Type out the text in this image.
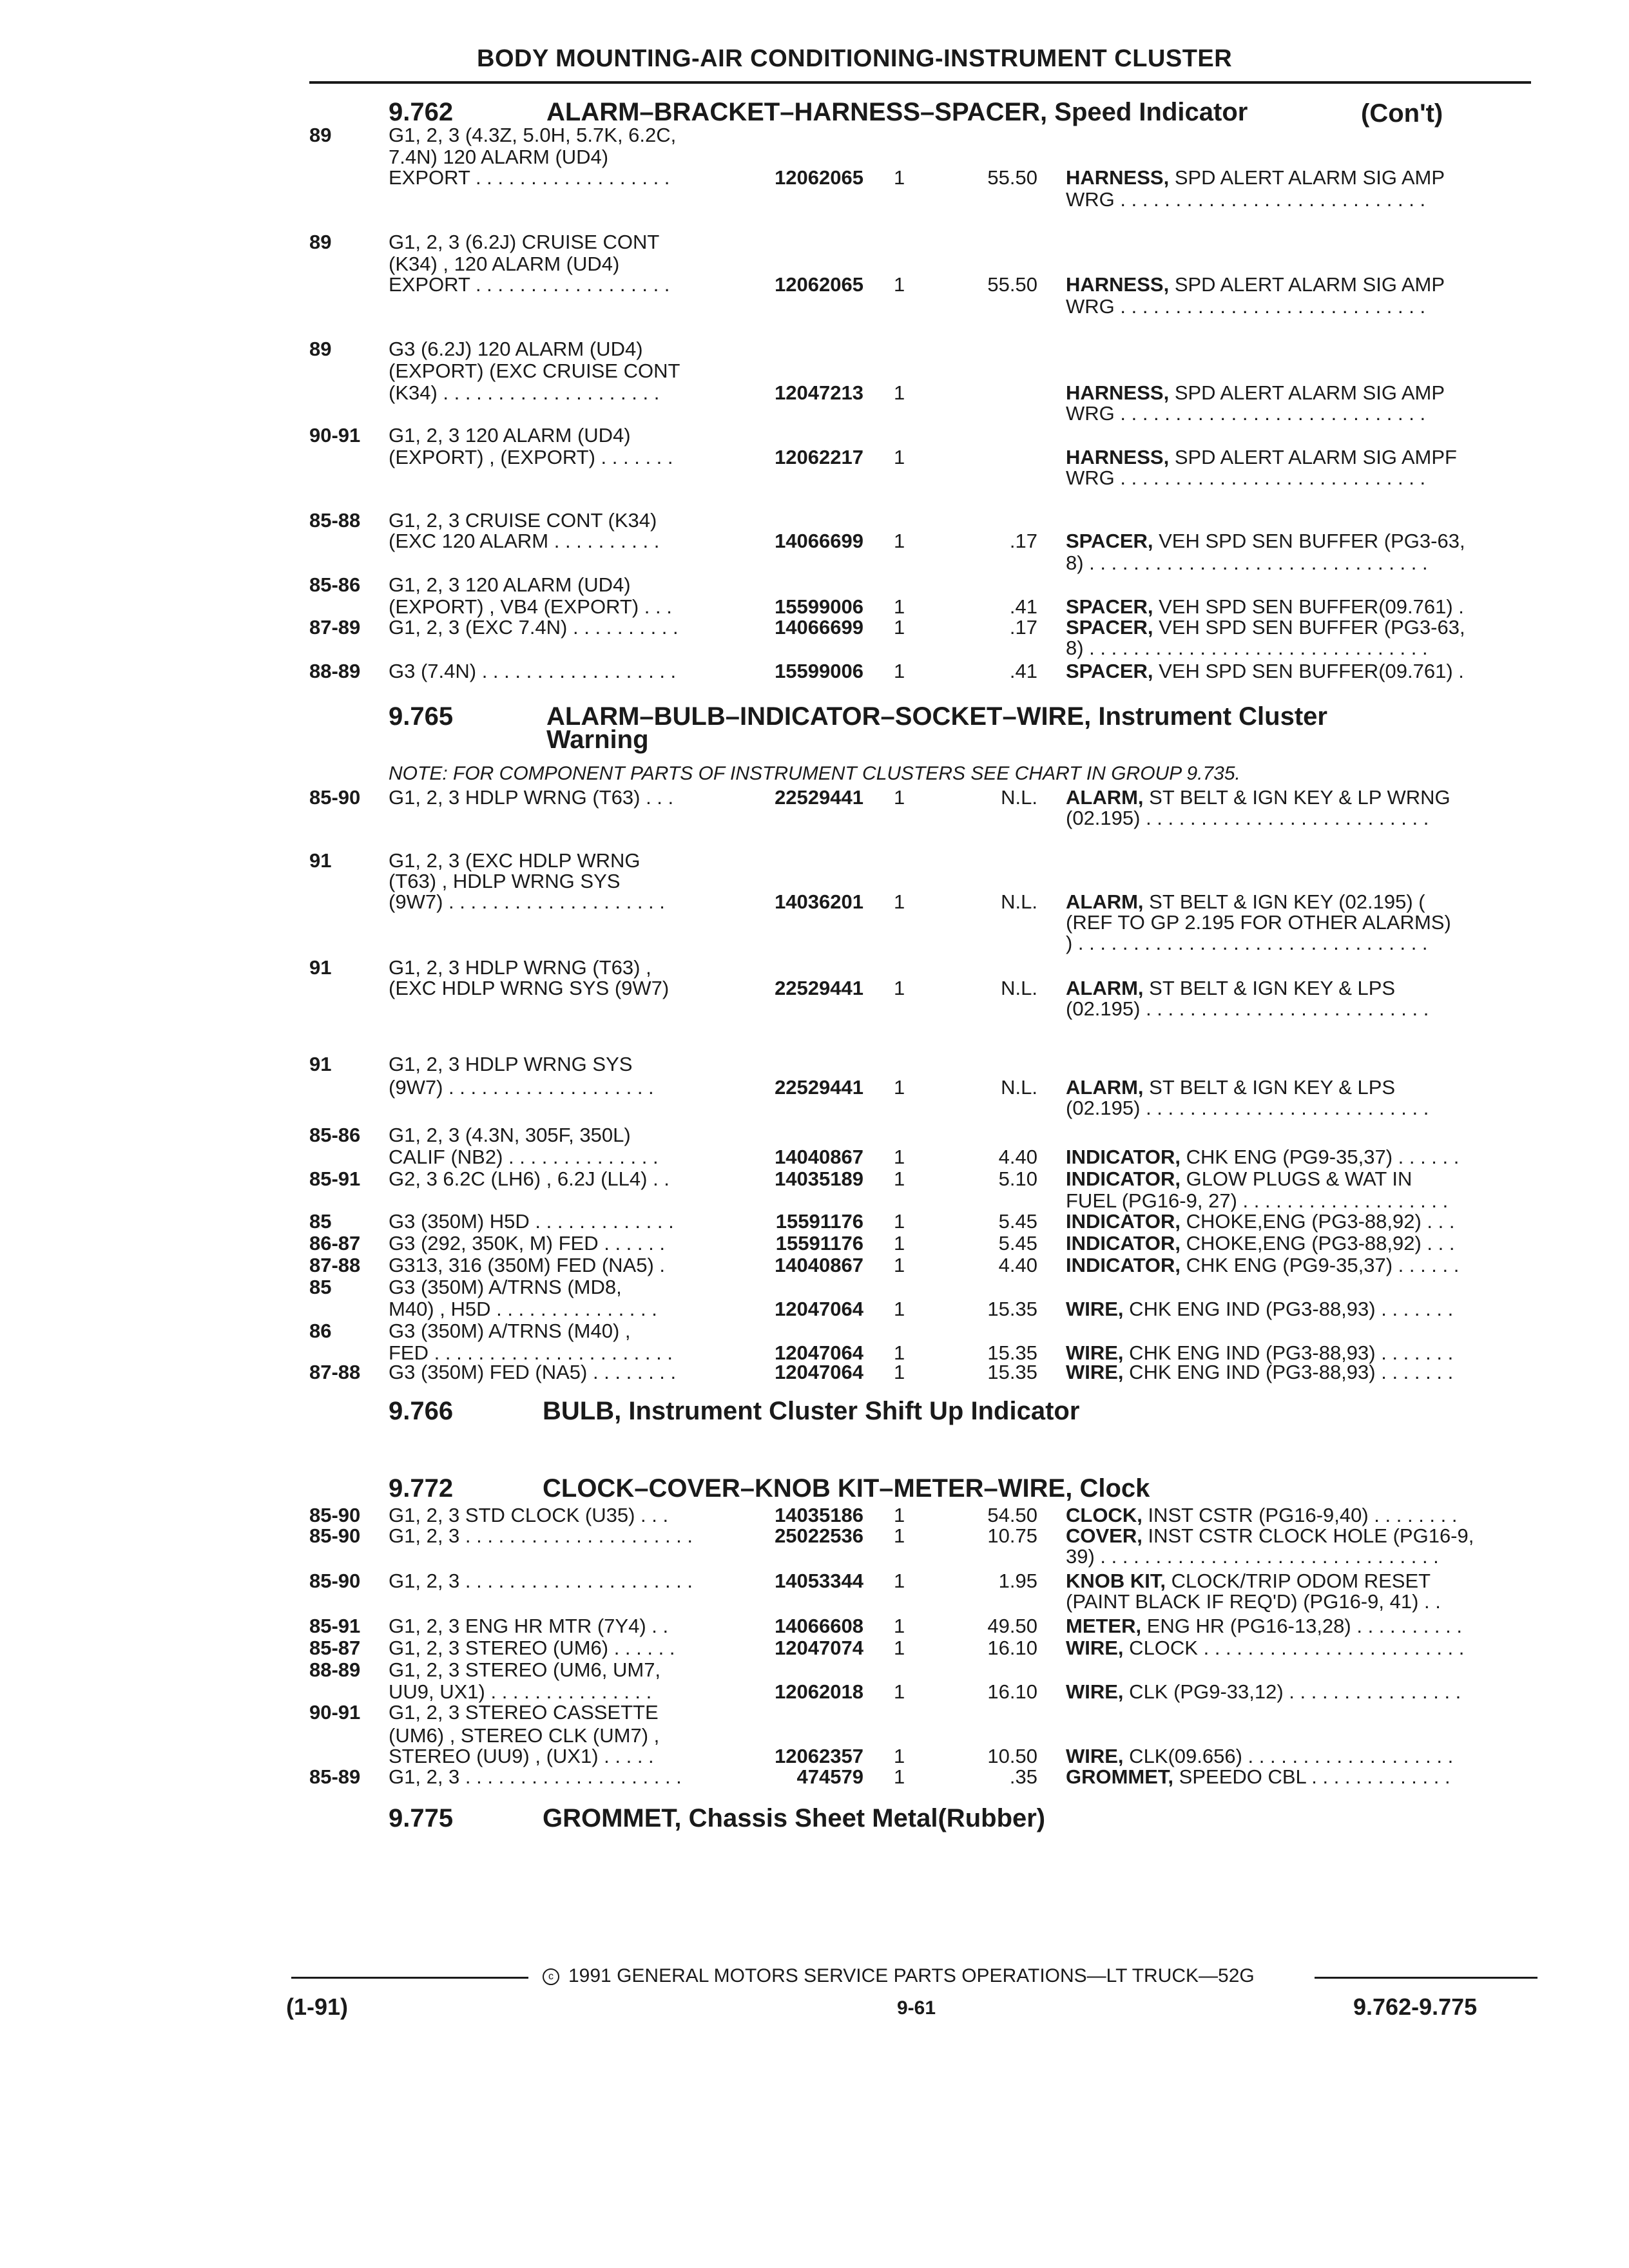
BODY MOUNTING-AIR CONDITIONING-INSTRUMENT CLUSTER
9.762	ALARM–BRACKET–HARNESS–SPACER, Speed Indicator	(Con't)
9.765	ALARM–BULB–INDICATOR–SOCKET–WIRE, Instrument Cluster
Warning
NOTE: FOR COMPONENT PARTS OF INSTRUMENT CLUSTERS SEE CHART IN GROUP 9.735.
9.766	BULB, Instrument Cluster Shift Up Indicator
9.772	CLOCK–COVER–KNOB KIT–METER–WIRE, Clock
9.775	GROMMET, Chassis Sheet Metal(Rubber)
89	G1, 2, 3 (4.3Z, 5.0H, 5.7K, 6.2C,
7.4N) 120 ALARM (UD4)
EXPORT . . . . . . . . . . . . . . . . . .	12062065 1	55.50 HARNESS, SPD ALERT ALARM SIG AMP
WRG . . . . . . . . . . . . . . . . . . . . . . . . . . . .
89	G1, 2, 3 (6.2J) CRUISE CONT
(K34) , 120 ALARM (UD4)
EXPORT . . . . . . . . . . . . . . . . . .	12062065 1	55.50 HARNESS, SPD ALERT ALARM SIG AMP
WRG . . . . . . . . . . . . . . . . . . . . . . . . . . . .
89	G3 (6.2J) 120 ALARM (UD4)
(EXPORT) (EXC CRUISE CONT
(K34) . . . . . . . . . . . . . . . . . . . .	12047213 1	HARNESS, SPD ALERT ALARM SIG AMP
WRG . . . . . . . . . . . . . . . . . . . . . . . . . . . .
90-91 G1, 2, 3 120 ALARM (UD4)
(EXPORT) , (EXPORT) . . . . . . .	12062217 1	HARNESS, SPD ALERT ALARM SIG AMPF
WRG . . . . . . . . . . . . . . . . . . . . . . . . . . . .
85-88 G1, 2, 3 CRUISE CONT (K34)
(EXC 120 ALARM . . . . . . . . . .	14066699 1	.17 SPACER, VEH SPD SEN BUFFER (PG3-63,
8) . . . . . . . . . . . . . . . . . . . . . . . . . . . . . . .
85-86 G1, 2, 3 120 ALARM (UD4)
(EXPORT) , VB4 (EXPORT) . . .	15599006 1	.41 SPACER, VEH SPD SEN BUFFER(09.761) .
87-89 G1, 2, 3 (EXC 7.4N) . . . . . . . . . .	14066699 1	.17 SPACER, VEH SPD SEN BUFFER (PG3-63,
8) . . . . . . . . . . . . . . . . . . . . . . . . . . . . . . .
88-89 G3 (7.4N) . . . . . . . . . . . . . . . . . .	15599006 1	.41 SPACER, VEH SPD SEN BUFFER(09.761) .
85-90 G1, 2, 3 HDLP WRNG (T63) . . .	22529441 1	N.L. ALARM, ST BELT & IGN KEY & LP WRNG
(02.195) . . . . . . . . . . . . . . . . . . . . . . . . . .
91	G1, 2, 3 (EXC HDLP WRNG
(T63) , HDLP WRNG SYS
(9W7) . . . . . . . . . . . . . . . . . . . .	14036201 1	N.L. ALARM, ST BELT & IGN KEY (02.195) (
(REF TO GP 2.195 FOR OTHER ALARMS)
) . . . . . . . . . . . . . . . . . . . . . . . . . . . . . . . .
91	G1, 2, 3 HDLP WRNG (T63) ,
(EXC HDLP WRNG SYS (9W7)	22529441 1	N.L. ALARM, ST BELT & IGN KEY & LPS
(02.195) . . . . . . . . . . . . . . . . . . . . . . . . . .
91	G1, 2, 3 HDLP WRNG SYS
(9W7) . . . . . . . . . . . . . . . . . . .	22529441 1	N.L. ALARM, ST BELT & IGN KEY & LPS
(02.195) . . . . . . . . . . . . . . . . . . . . . . . . . .
85-86 G1, 2, 3 (4.3N, 305F, 350L)
CALIF (NB2) . . . . . . . . . . . . . .	14040867 1	4.40 INDICATOR, CHK ENG (PG9-35,37) . . . . . .
85-91 G2, 3 6.2C (LH6) , 6.2J (LL4) . .	14035189 1	5.10 INDICATOR, GLOW PLUGS & WAT IN
FUEL (PG16-9, 27) . . . . . . . . . . . . . . . . . . .
85	G3 (350M) H5D . . . . . . . . . . . . .	15591176 1	5.45 INDICATOR, CHOKE,ENG (PG3-88,92) . . .
86-87 G3 (292, 350K, M) FED . . . . . .	15591176 1	5.45 INDICATOR, CHOKE,ENG (PG3-88,92) . . .
87-88 G313, 316 (350M) FED (NA5) .	14040867 1	4.40 INDICATOR, CHK ENG (PG9-35,37) . . . . . .
85	G3 (350M) A/TRNS (MD8,
M40) , H5D . . . . . . . . . . . . . . .	12047064 1	15.35 WIRE, CHK ENG IND (PG3-88,93) . . . . . . .
86	G3 (350M) A/TRNS (M40) ,
FED . . . . . . . . . . . . . . . . . . . . . .	12047064 1	15.35 WIRE, CHK ENG IND (PG3-88,93) . . . . . . .
87-88 G3 (350M) FED (NA5) . . . . . . . .	12047064 1	15.35 WIRE, CHK ENG IND (PG3-88,93) . . . . . . .
85-90 G1, 2, 3 STD CLOCK (U35) . . .	14035186 1	54.50 CLOCK, INST CSTR (PG16-9,40) . . . . . . . .
85-90 G1, 2, 3 . . . . . . . . . . . . . . . . . . . . .	25022536 1	10.75 COVER, INST CSTR CLOCK HOLE (PG16-9,
39) . . . . . . . . . . . . . . . . . . . . . . . . . . . . . . .
85-90 G1, 2, 3 . . . . . . . . . . . . . . . . . . . . .	14053344 1	1.95 KNOB KIT, CLOCK/TRIP ODOM RESET
(PAINT BLACK IF REQ'D) (PG16-9, 41) . .
85-91 G1, 2, 3 ENG HR MTR (7Y4) . .	14066608 1	49.50 METER, ENG HR (PG16-13,28) . . . . . . . . . .
85-87 G1, 2, 3 STEREO (UM6) . . . . . .	12047074 1	16.10 WIRE, CLOCK . . . . . . . . . . . . . . . . . . . . . . . .
88-89 G1, 2, 3 STEREO (UM6, UM7,
UU9, UX1) . . . . . . . . . . . . . . .	12062018 1	16.10 WIRE, CLK (PG9-33,12) . . . . . . . . . . . . . . . .
90-91 G1, 2, 3 STEREO CASSETTE
(UM6) , STEREO CLK (UM7) ,
STEREO (UU9) , (UX1) . . . . .	12062357 1	10.50 WIRE, CLK(09.656) . . . . . . . . . . . . . . . . . . .
85-89 G1, 2, 3 . . . . . . . . . . . . . . . . . . . .	474579 1	.35 GROMMET, SPEEDO CBL . . . . . . . . . . . . .
c 1991 GENERAL MOTORS SERVICE PARTS OPERATIONS—LT TRUCK—52G
(1-91)	9-61	9.762-9.775
